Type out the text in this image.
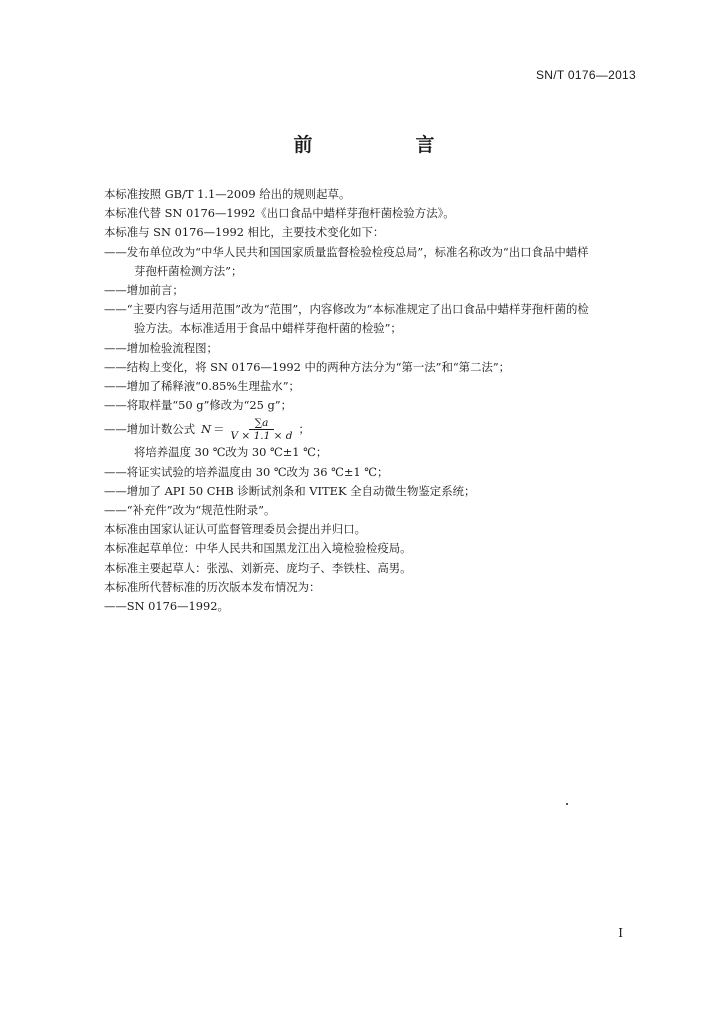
SN/T 0176—2013
前　言
本标准按照 GB/T 1.1—2009 给出的规则起草。
本标准代替 SN 0176—1992《出口食品中蜡样芽孢杆菌检验方法》。
本标准与 SN 0176—1992 相比，主要技术变化如下：
——发布单位改为“中华人民共和国国家质量监督检验检疫总局”，标准名称改为“出口食品中蜡样
芽孢杆菌检测方法”；
——增加前言；
——“主要内容与适用范围”改为“范围”，内容修改为“本标准规定了出口食品中蜡样芽孢杆菌的检
验方法。本标准适用于食品中蜡样芽孢杆菌的检验”；
——增加检验流程图；
——结构上变化，将 SN 0176—1992 中的两种方法分为“第一法”和“第二法”；
——增加了稀释液“0.85%生理盐水”；
——将取样量“50 g”修改为“25 g”；
——增加计数公式 $N = \frac{\sum a}{V \times 1.1 \times d}$ ；
将培养温度 30 ℃改为 30 ℃±1 ℃；
——将证实试验的培养温度由 30 ℃改为 36 ℃±1 ℃；
——增加了 API 50 CHB 诊断试剂条和 VITEK 全自动微生物鉴定系统；
——“补充件”改为“规范性附录”。
本标准由国家认证认可监督管理委员会提出并归口。
本标准起草单位：中华人民共和国黑龙江出入境检验检疫局。
本标准主要起草人：张泓、刘新亮、庞均子、李铁柱、高男。
本标准所代替标准的历次版本发布情况为：
——SN 0176—1992。
I
